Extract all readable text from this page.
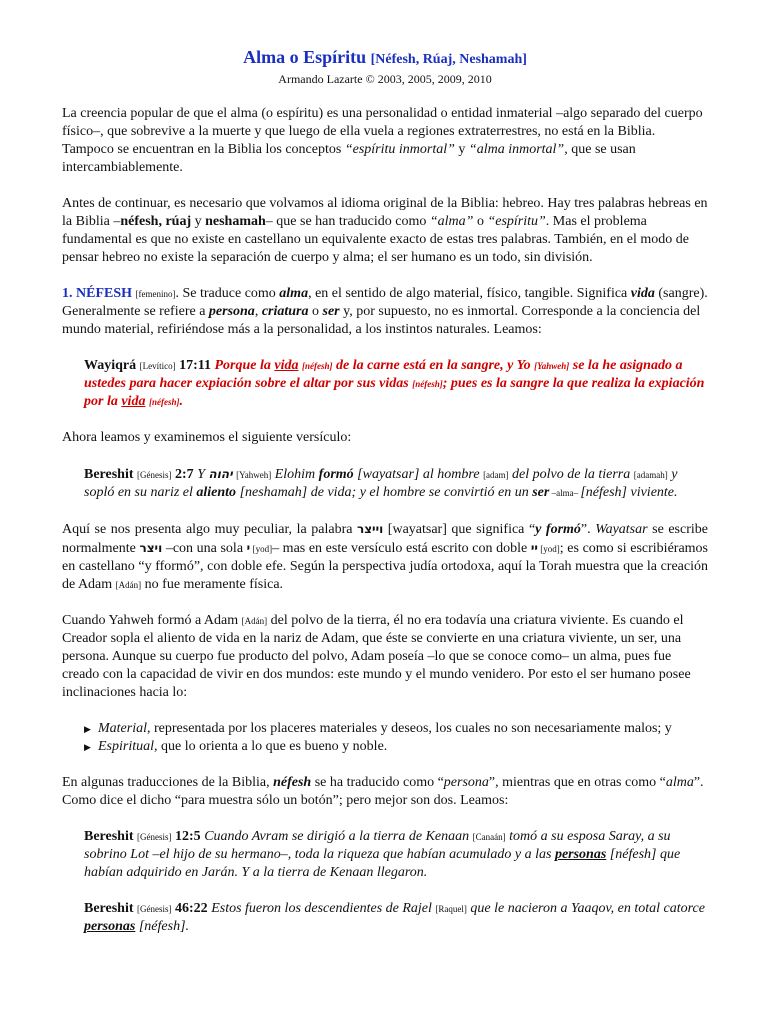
Alma o Espíritu [Néfesh, Rúaj, Neshamah]

Armando Lazarte © 2003, 2005, 2009, 2010

La creencia popular de que el alma (o espíritu) es una personalidad o entidad inmaterial –algo separado del cuerpo físico–, que sobrevive a la muerte y que luego de ella vuela a regiones extraterrestres, no está en la Biblia. Tampoco se encuentran en la Biblia los conceptos “espíritu inmortal” y “alma inmortal”, que se usan intercambiablemente.

Antes de continuar, es necesario que volvamos al idioma original de la Biblia: hebreo. Hay tres palabras hebreas en la Biblia –néfesh, rúaj y neshamah– que se han traducido como “alma” o “espíritu”. Mas el problema fundamental es que no existe en castellano un equivalente exacto de estas tres palabras. También, en el modo de pensar hebreo no existe la separación de cuerpo y alma; el ser humano es un todo, sin división.

1. NÉFESH [femenino]. Se traduce como alma, en el sentido de algo material, físico, tangible. Significa vida (sangre). Generalmente se refiere a persona, criatura o ser y, por supuesto, no es inmortal. Corresponde a la conciencia del mundo material, refiriéndose más a la personalidad, a los instintos naturales. Leamos:

Wayiqrá [Levítico] 17:11 Porque la vida [néfesh] de la carne está en la sangre, y Yo [Yahweh] se la he asignado a ustedes para hacer expiación sobre el altar por sus vidas [néfesh]; pues es la sangre la que realiza la expiación por la vida [néfesh].

Ahora leamos y examinemos el siguiente versículo:

Bereshit [Génesis] 2:7 Y יהוה [Yahweh] Elohim formó [wayatsar] al hombre [adam] del polvo de la tierra [adamah] y sopló en su nariz el aliento [neshamah] de vida; y el hombre se convirtió en un ser –alma– [néfesh] viviente.

Aquí se nos presenta algo muy peculiar, la palabra וייצר [wayatsar] que significa “y formó”. Wayatsar se escribe normalmente ויצר –con una sola י [yod]– mas en este versículo está escrito con doble יי [yod]; es como si escribiéramos en castellano “y fformó”, con doble efe. Según la perspectiva judía ortodoxa, aquí la Torah muestra que la creación de Adam [Adán] no fue meramente física.

Cuando Yahweh formó a Adam [Adán] del polvo de la tierra, él no era todavía una criatura viviente. Es cuando el Creador sopla el aliento de vida en la nariz de Adam, que éste se convierte en una criatura viviente, un ser, una persona. Aunque su cuerpo fue producto del polvo, Adam poseía –lo que se conoce como– un alma, pues fue creado con la capacidad de vivir en dos mundos: este mundo y el mundo venidero. Por esto el ser humano posee inclinaciones hacia lo:

▶ Material, representada por los placeres materiales y deseos, los cuales no son necesariamente malos; y
▶ Espiritual, que lo orienta a lo que es bueno y noble.

En algunas traducciones de la Biblia, néfesh se ha traducido como “persona”, mientras que en otras como “alma”. Como dice el dicho “para muestra sólo un botón”; pero mejor son dos. Leamos:

Bereshit [Génesis] 12:5 Cuando Avram se dirigió a la tierra de Kenaan [Canaán] tomó a su esposa Saray, a su sobrino Lot –el hijo de su hermano–, toda la riqueza que habían acumulado y a las personas [néfesh] que habían adquirido en Jarán. Y a la tierra de Kenaan llegaron.

Bereshit [Génesis] 46:22 Estos fueron los descendientes de Rajel [Raquel] que le nacieron a Yaaqov, en total catorce personas [néfesh].
